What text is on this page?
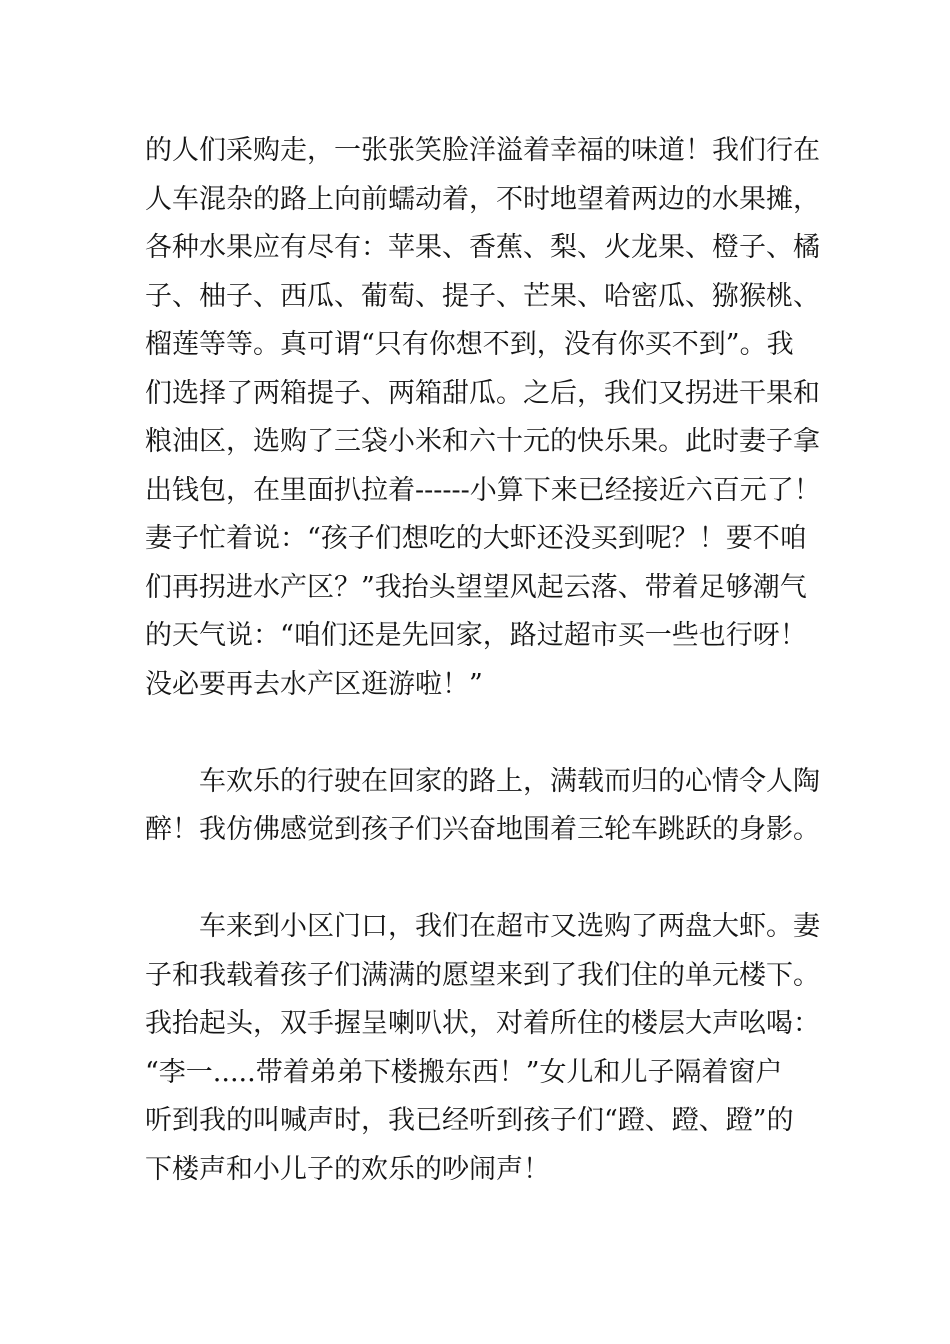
的人们采购走，一张张笑脸洋溢着幸福的味道！我们行在
人车混杂的路上向前蠕动着，不时地望着两边的水果摊，
各种水果应有尽有：苹果、香蕉、梨、火龙果、橙子、橘
子、柚子、西瓜、葡萄、提子、芒果、哈密瓜、猕猴桃、
榴莲等等。真可谓“只有你想不到，没有你买不到”。我
们选择了两箱提子、两箱甜瓜。之后，我们又拐进干果和
粮油区，选购了三袋小米和六十元的快乐果。此时妻子拿
出钱包，在里面扒拉着------小算下来已经接近六百元了！
妻子忙着说：“孩子们想吃的大虾还没买到呢？！要不咱
们再拐进水产区？”我抬头望望风起云落、带着足够潮气
的天气说：“咱们还是先回家，路过超市买一些也行呀！
没必要再去水产区逛游啦！”
车欢乐的行驶在回家的路上，满载而归的心情令人陶
醉！我仿佛感觉到孩子们兴奋地围着三轮车跳跃的身影。
车来到小区门口，我们在超市又选购了两盘大虾。妻
子和我载着孩子们满满的愿望来到了我们住的单元楼下。
我抬起头，双手握呈喇叭状，对着所住的楼层大声吆喝：
“李一.....带着弟弟下楼搬东西！”女儿和儿子隔着窗户
听到我的叫喊声时，我已经听到孩子们“蹬、蹬、蹬”的
下楼声和小儿子的欢乐的吵闹声！
